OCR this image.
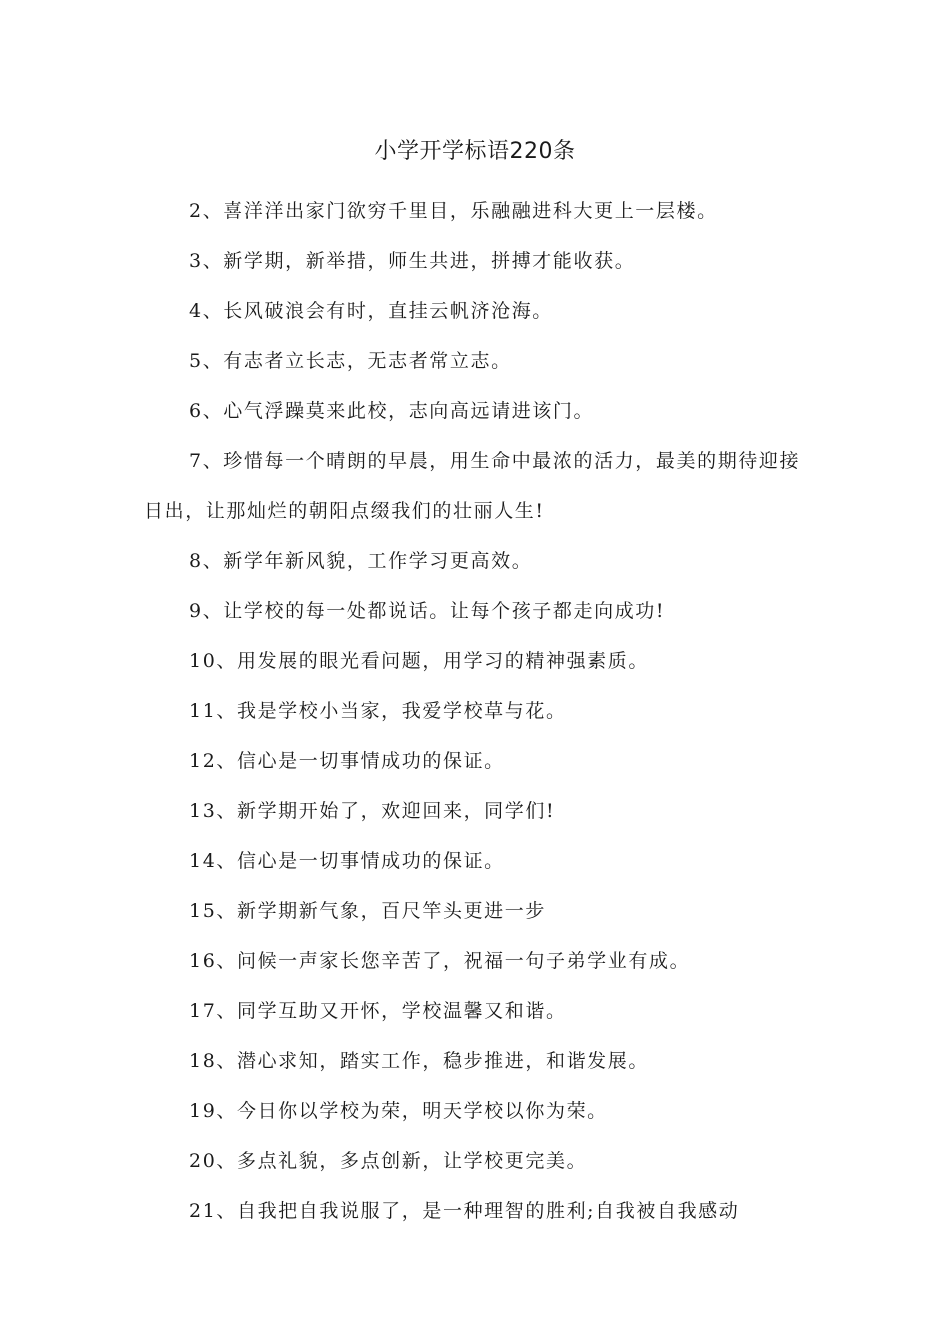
小学开学标语220条

2、喜洋洋出家门欲穷千里目，乐融融进科大更上一层楼。

3、新学期，新举措，师生共进，拼搏才能收获。

4、长风破浪会有时，直挂云帆济沧海。

5、有志者立长志，无志者常立志。

6、心气浮躁莫来此校，志向高远请进该门。

7、珍惜每一个晴朗的早晨，用生命中最浓的活力，最美的期待迎接日出，让那灿烂的朝阳点缀我们的壮丽人生!

8、新学年新风貌，工作学习更高效。

9、让学校的每一处都说话。让每个孩子都走向成功!

10、用发展的眼光看问题，用学习的精神强素质。

11、我是学校小当家，我爱学校草与花。

12、信心是一切事情成功的保证。

13、新学期开始了，欢迎回来，同学们!

14、信心是一切事情成功的保证。

15、新学期新气象，百尺竿头更进一步

16、问候一声家长您辛苦了，祝福一句子弟学业有成。

17、同学互助又开怀，学校温馨又和谐。

18、潜心求知，踏实工作，稳步推进，和谐发展。

19、今日你以学校为荣，明天学校以你为荣。

20、多点礼貌，多点创新，让学校更完美。

21、自我把自我说服了，是一种理智的胜利;自我被自我感动
